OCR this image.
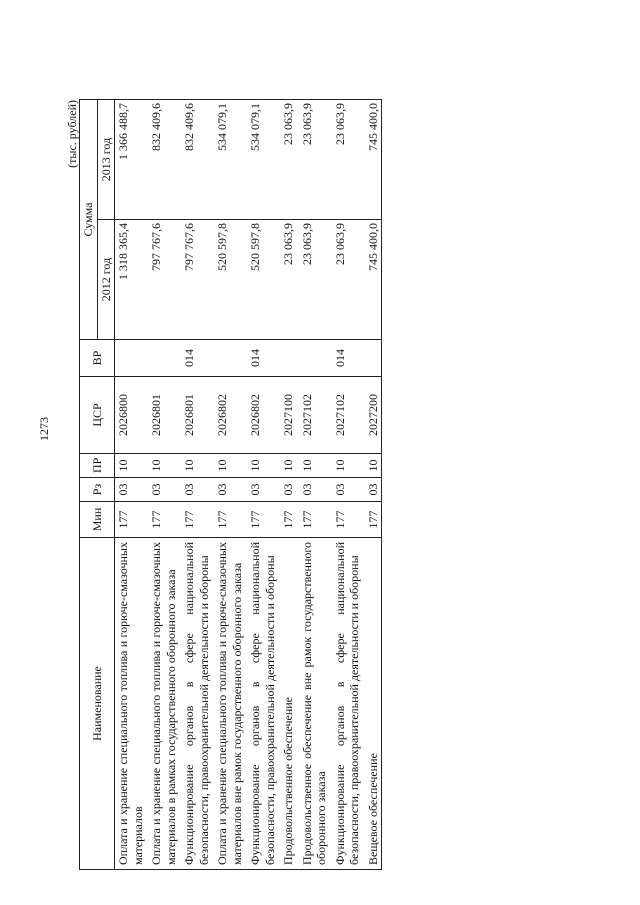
1273
(тыс. рублей)
Наименование	Мин	Рз	ПР	ЦСР	ВР	Сумма	
						2012 год	2013 год
Оплата и хранение специального топлива и горюче-смазочных материалов	177	03	10	2026800		1 318 365,4	1 366 488,7
Оплата и хранение специального топлива и горюче-смазочных материалов в рамках государственного оборонного заказа	177	03	10	2026801		797 767,6	832 409,6
Функционирование органов в сфере национальной безопасности, правоохранительной деятельности и обороны	177	03	10	2026801	014	797 767,6	832 409,6
Оплата и хранение специального топлива и горюче-смазочных материалов вне рамок государственного оборонного заказа	177	03	10	2026802		520 597,8	534 079,1
Функционирование органов в сфере национальной безопасности, правоохранительной деятельности и обороны	177	03	10	2026802	014	520 597,8	534 079,1
Продовольственное обеспечение	177	03	10	2027100		23 063,9	23 063,9
Продовольственное обеспечение вне рамок государственного оборонного заказа	177	03	10	2027102		23 063,9	23 063,9
Функционирование органов в сфере национальной безопасности, правоохранительной деятельности и обороны	177	03	10	2027102	014	23 063,9	23 063,9
Вещевое обеспечение	177	03	10	2027200		745 400,0	745 400,0
